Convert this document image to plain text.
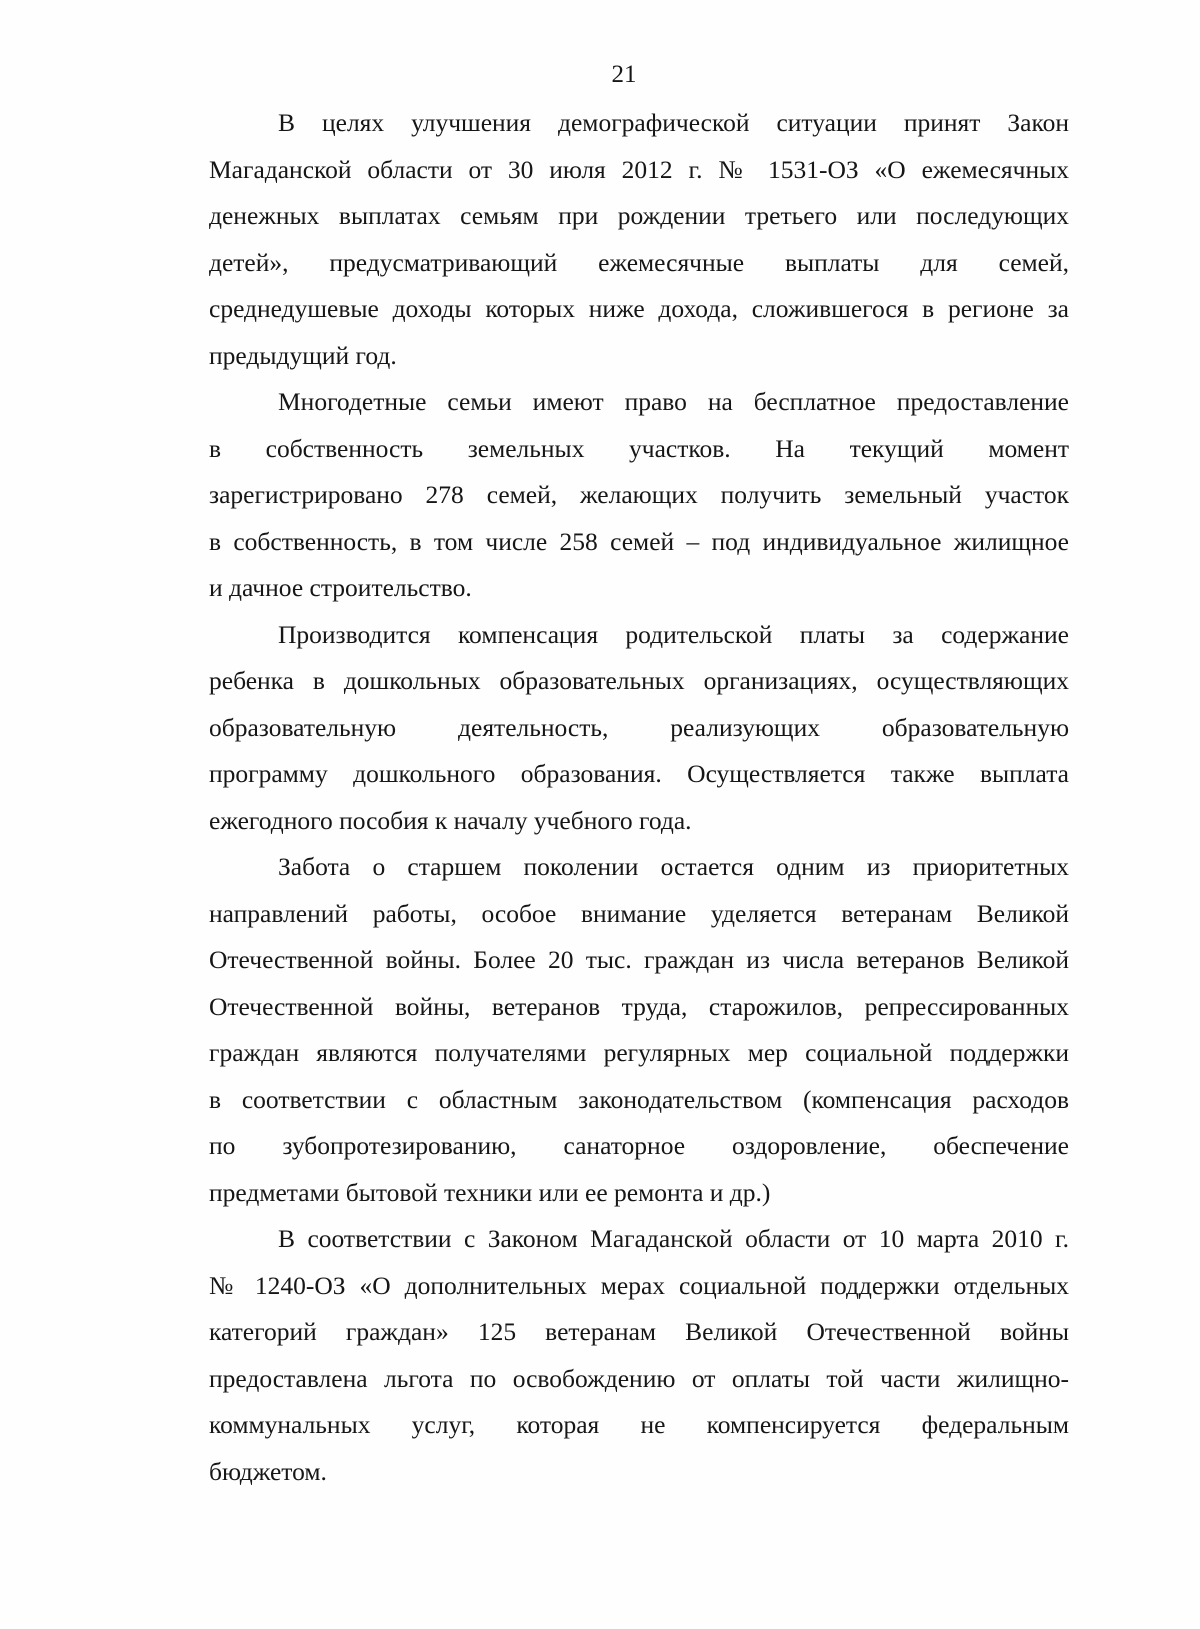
21
В целях улучшения демографической ситуации принят Закон
Магаданской области от 30 июля 2012 г. № 1531-ОЗ «О ежемесячных
денежных выплатах семьям при рождении третьего или последующих
детей», предусматривающий ежемесячные выплаты для семей,
среднедушевые доходы которых ниже дохода, сложившегося в регионе за
предыдущий год.
Многодетные семьи имеют право на бесплатное предоставление
в собственность земельных участков. На текущий момент
зарегистрировано 278 семей, желающих получить земельный участок
в собственность, в том числе 258 семей – под индивидуальное жилищное
и дачное строительство.
Производится компенсация родительской платы за содержание
ребенка в дошкольных образовательных организациях, осуществляющих
образовательную деятельность, реализующих образовательную
программу дошкольного образования. Осуществляется также выплата
ежегодного пособия к началу учебного года.
Забота о старшем поколении остается одним из приоритетных
направлений работы, особое внимание уделяется ветеранам Великой
Отечественной войны. Более 20 тыс. граждан из числа ветеранов Великой
Отечественной войны, ветеранов труда, старожилов, репрессированных
граждан являются получателями регулярных мер социальной поддержки
в соответствии с областным законодательством (компенсация расходов
по зубопротезированию, санаторное оздоровление, обеспечение
предметами бытовой техники или ее ремонта и др.)
В соответствии с Законом Магаданской области от 10 марта 2010 г.
№ 1240-ОЗ «О дополнительных мерах социальной поддержки отдельных
категорий граждан» 125 ветеранам Великой Отечественной войны
предоставлена льгота по освобождению от оплаты той части жилищно-
коммунальных услуг, которая не компенсируется федеральным
бюджетом.
